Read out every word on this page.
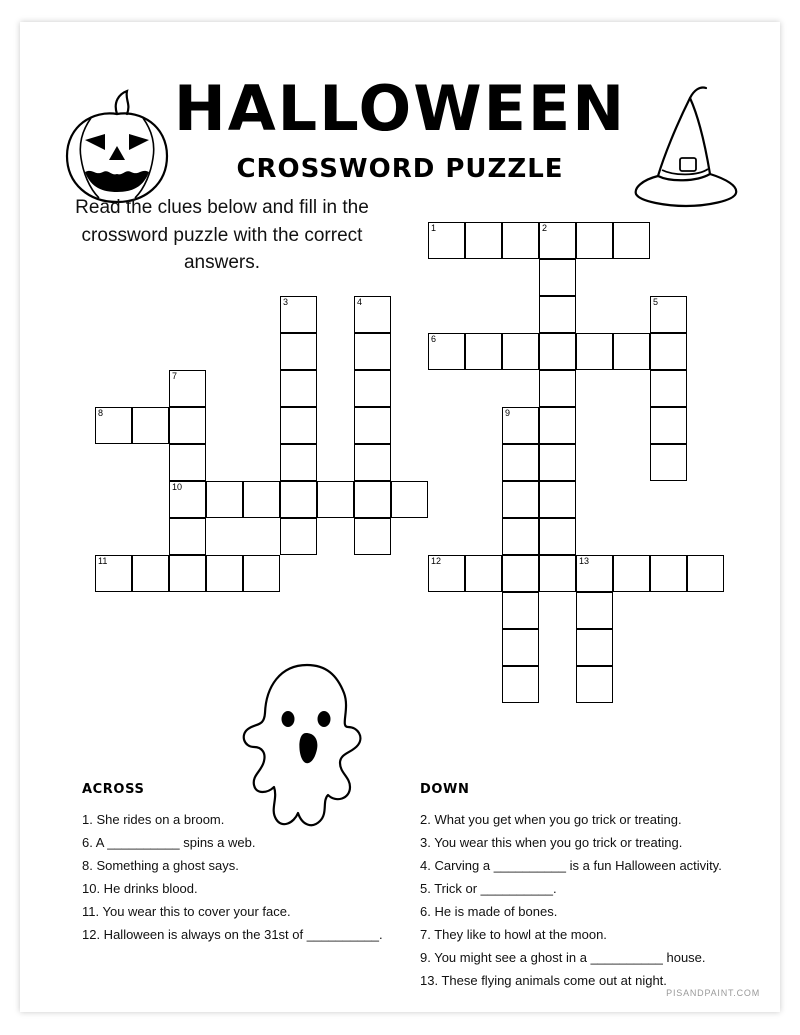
HALLOWEEN
CROSSWORD PUZZLE
Read the clues below and fill in the crossword puzzle with the correct answers.
1	2
3	4	5
6
7
8	9
10
11	12	13
ACROSS
1. She rides on a broom.
6. A __________ spins a web.
8. Something a ghost says.
10. He drinks blood.
11. You wear this to cover your face.
12. Halloween is always on the 31st of __________.
DOWN
2. What you get when you go trick or treating.
3. You wear this when you go trick or treating.
4. Carving a __________ is a fun Halloween activity.
5. Trick or __________.
6. He is made of bones.
7. They like to howl at the moon.
9. You might see a ghost in a __________ house.
13. These flying animals come out at night.
PISANDPAINT.COM
